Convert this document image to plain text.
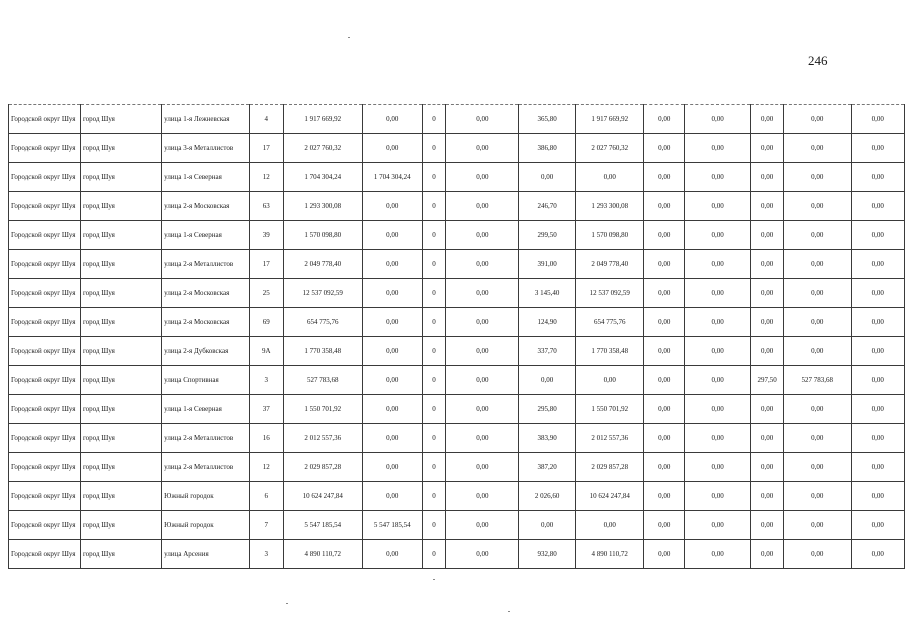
246
Городской округ Шуя	город Шуя	улица 1-я Лежневская	4	1 917 669,92	0,00	0	0,00	365,80	1 917 669,92	0,00	0,00	0,00	0,00	0,00
Городской округ Шуя	город Шуя	улица 3-я Металлистов	17	2 027 760,32	0,00	0	0,00	386,80	2 027 760,32	0,00	0,00	0,00	0,00	0,00
Городской округ Шуя	город Шуя	улица 1-я Северная	12	1 704 304,24	1 704 304,24	0	0,00	0,00	0,00	0,00	0,00	0,00	0,00	0,00
Городской округ Шуя	город Шуя	улица 2-я Московская	63	1 293 300,08	0,00	0	0,00	246,70	1 293 300,08	0,00	0,00	0,00	0,00	0,00
Городской округ Шуя	город Шуя	улица 1-я Северная	39	1 570 098,80	0,00	0	0,00	299,50	1 570 098,80	0,00	0,00	0,00	0,00	0,00
Городской округ Шуя	город Шуя	улица 2-я Металлистов	17	2 049 778,40	0,00	0	0,00	391,00	2 049 778,40	0,00	0,00	0,00	0,00	0,00
Городской округ Шуя	город Шуя	улица 2-я Московская	25	12 537 092,59	0,00	0	0,00	3 145,40	12 537 092,59	0,00	0,00	0,00	0,00	0,00
Городской округ Шуя	город Шуя	улица 2-я Московская	69	654 775,76	0,00	0	0,00	124,90	654 775,76	0,00	0,00	0,00	0,00	0,00
Городской округ Шуя	город Шуя	улица 2-я Дубковская	9А	1 770 358,48	0,00	0	0,00	337,70	1 770 358,48	0,00	0,00	0,00	0,00	0,00
Городской округ Шуя	город Шуя	улица Спортивная	3	527 783,68	0,00	0	0,00	0,00	0,00	0,00	0,00	297,50	527 783,68	0,00
Городской округ Шуя	город Шуя	улица 1-я Северная	37	1 550 701,92	0,00	0	0,00	295,80	1 550 701,92	0,00	0,00	0,00	0,00	0,00
Городской округ Шуя	город Шуя	улица 2-я Металлистов	16	2 012 557,36	0,00	0	0,00	383,90	2 012 557,36	0,00	0,00	0,00	0,00	0,00
Городской округ Шуя	город Шуя	улица 2-я Металлистов	12	2 029 857,28	0,00	0	0,00	387,20	2 029 857,28	0,00	0,00	0,00	0,00	0,00
Городской округ Шуя	город Шуя	Южный городок	6	10 624 247,84	0,00	0	0,00	2 026,60	10 624 247,84	0,00	0,00	0,00	0,00	0,00
Городской округ Шуя	город Шуя	Южный городок	7	5 547 185,54	5 547 185,54	0	0,00	0,00	0,00	0,00	0,00	0,00	0,00	0,00
Городской округ Шуя	город Шуя	улица Арсения	3	4 890 110,72	0,00	0	0,00	932,80	4 890 110,72	0,00	0,00	0,00	0,00	0,00
